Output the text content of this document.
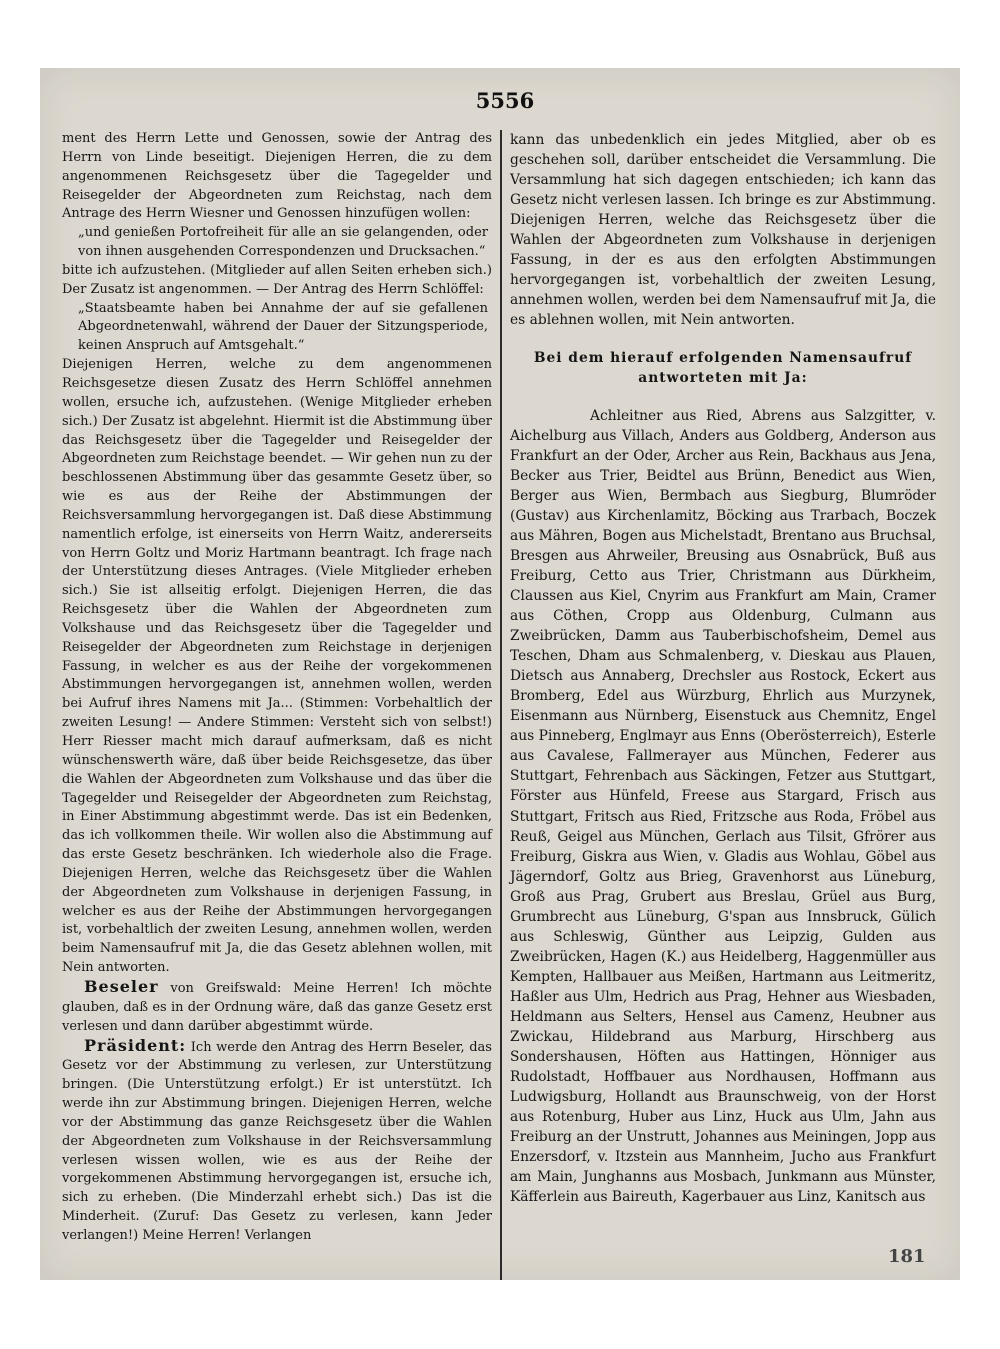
5556

ment des Herrn Lette und Genossen, sowie der Antrag des Herrn von Linde beseitigt. Diejenigen Herren, die zu dem angenommenen Reichsgesetz über die Tagegelder und Reisegelder der Abgeordneten zum Reichstag, nach dem Antrage des Herrn Wiesner und Genossen hinzufügen wollen:

„und genießen Portofreiheit für alle an sie gelangenden, oder von ihnen ausgehenden Correspondenzen und Drucksachen.“

bitte ich aufzustehen. (Mitglieder auf allen Seiten erheben sich.) Der Zusatz ist angenommen. — Der Antrag des Herrn Schlöffel:

„Staatsbeamte haben bei Annahme der auf sie gefallenen Abgeordnetenwahl, während der Dauer der Sitzungsperiode, keinen Anspruch auf Amtsgehalt.“

Diejenigen Herren, welche zu dem angenommenen Reichsgesetze diesen Zusatz des Herrn Schlöffel annehmen wollen, ersuche ich, aufzustehen. (Wenige Mitglieder erheben sich.) Der Zusatz ist abgelehnt. Hiermit ist die Abstimmung über das Reichsgesetz über die Tagegelder und Reisegelder der Abgeordneten zum Reichstage beendet. — Wir gehen nun zu der beschlossenen Abstimmung über das gesammte Gesetz über, so wie es aus der Reihe der Abstimmungen der Reichsversammlung hervorgegangen ist. Daß diese Abstimmung namentlich erfolge, ist einerseits von Herrn Waitz, andererseits von Herrn Goltz und Moriz Hartmann beantragt. Ich frage nach der Unterstützung dieses Antrages. (Viele Mitglieder erheben sich.) Sie ist allseitig erfolgt. Diejenigen Herren, die das Reichsgesetz über die Wahlen der Abgeordneten zum Volkshause und das Reichsgesetz über die Tagegelder und Reisegelder der Abgeordneten zum Reichstage in derjenigen Fassung, in welcher es aus der Reihe der vorgekommenen Abstimmungen hervorgegangen ist, annehmen wollen, werden bei Aufruf ihres Namens mit Ja... (Stimmen: Vorbehaltlich der zweiten Lesung! — Andere Stimmen: Versteht sich von selbst!) Herr Riesser macht mich darauf aufmerksam, daß es nicht wünschenswerth wäre, daß über beide Reichsgesetze, das über die Wahlen der Abgeordneten zum Volkshause und das über die Tagegelder und Reisegelder der Abgeordneten zum Reichstag, in Einer Abstimmung abgestimmt werde. Das ist ein Bedenken, das ich vollkommen theile. Wir wollen also die Abstimmung auf das erste Gesetz beschränken. Ich wiederhole also die Frage. Diejenigen Herren, welche das Reichsgesetz über die Wahlen der Abgeordneten zum Volkshause in derjenigen Fassung, in welcher es aus der Reihe der Abstimmungen hervorgegangen ist, vorbehaltlich der zweiten Lesung, annehmen wollen, werden beim Namensaufruf mit Ja, die das Gesetz ablehnen wollen, mit Nein antworten.

Beseler von Greifswald: Meine Herren! Ich möchte glauben, daß es in der Ordnung wäre, daß das ganze Gesetz erst verlesen und dann darüber abgestimmt würde.

Präsident: Ich werde den Antrag des Herrn Beseler, das Gesetz vor der Abstimmung zu verlesen, zur Unterstützung bringen. (Die Unterstützung erfolgt.) Er ist unterstützt. Ich werde ihn zur Abstimmung bringen. Diejenigen Herren, welche vor der Abstimmung das ganze Reichsgesetz über die Wahlen der Abgeordneten zum Volkshause in der Reichsversammlung verlesen wissen wollen, wie es aus der Reihe der vorgekommenen Abstimmung hervorgegangen ist, ersuche ich, sich zu erheben. (Die Minderzahl erhebt sich.) Das ist die Minderheit. (Zuruf: Das Gesetz zu verlesen, kann Jeder verlangen!) Meine Herren! Verlangen

kann das unbedenklich ein jedes Mitglied, aber ob es geschehen soll, darüber entscheidet die Versammlung. Die Versammlung hat sich dagegen entschieden; ich kann das Gesetz nicht verlesen lassen. Ich bringe es zur Abstimmung. Diejenigen Herren, welche das Reichsgesetz über die Wahlen der Abgeordneten zum Volkshause in derjenigen Fassung, in der es aus den erfolgten Abstimmungen hervorgegangen ist, vorbehaltlich der zweiten Lesung, annehmen wollen, werden bei dem Namensaufruf mit Ja, die es ablehnen wollen, mit Nein antworten.

Bei dem hierauf erfolgenden Namensaufruf antworteten mit Ja:

Achleitner aus Ried, Abrens aus Salzgitter, v. Aichelburg aus Villach, Anders aus Goldberg, Anderson aus Frankfurt an der Oder, Archer aus Rein, Backhaus aus Jena, Becker aus Trier, Beidtel aus Brünn, Benedict aus Wien, Berger aus Wien, Bermbach aus Siegburg, Blumröder (Gustav) aus Kirchenlamitz, Böcking aus Trarbach, Boczek aus Mähren, Bogen aus Michelstadt, Brentano aus Bruchsal, Bresgen aus Ahrweiler, Breusing aus Osnabrück, Buß aus Freiburg, Cetto aus Trier, Christmann aus Dürkheim, Claussen aus Kiel, Cnyrim aus Frankfurt am Main, Cramer aus Cöthen, Cropp aus Oldenburg, Culmann aus Zweibrücken, Damm aus Tauberbischofsheim, Demel aus Teschen, Dham aus Schmalenberg, v. Dieskau aus Plauen, Dietsch aus Annaberg, Drechsler aus Rostock, Eckert aus Bromberg, Edel aus Würzburg, Ehrlich aus Murzynek, Eisenmann aus Nürnberg, Eisenstuck aus Chemnitz, Engel aus Pinneberg, Englmayr aus Enns (Oberösterreich), Esterle aus Cavalese, Fallmerayer aus München, Federer aus Stuttgart, Fehrenbach aus Säckingen, Fetzer aus Stuttgart, Förster aus Hünfeld, Freese aus Stargard, Frisch aus Stuttgart, Fritsch aus Ried, Fritzsche aus Roda, Fröbel aus Reuß, Geigel aus München, Gerlach aus Tilsit, Gfrörer aus Freiburg, Giskra aus Wien, v. Gladis aus Wohlau, Göbel aus Jägerndorf, Goltz aus Brieg, Gravenhorst aus Lüneburg, Groß aus Prag, Grubert aus Breslau, Grüel aus Burg, Grumbrecht aus Lüneburg, G'span aus Innsbruck, Gülich aus Schleswig, Günther aus Leipzig, Gulden aus Zweibrücken, Hagen (K.) aus Heidelberg, Haggenmüller aus Kempten, Hallbauer aus Meißen, Hartmann aus Leitmeritz, Haßler aus Ulm, Hedrich aus Prag, Hehner aus Wiesbaden, Heldmann aus Selters, Hensel aus Camenz, Heubner aus Zwickau, Hildebrand aus Marburg, Hirschberg aus Sondershausen, Höften aus Hattingen, Hönniger aus Rudolstadt, Hoffbauer aus Nordhausen, Hoffmann aus Ludwigsburg, Hollandt aus Braunschweig, von der Horst aus Rotenburg, Huber aus Linz, Huck aus Ulm, Jahn aus Freiburg an der Unstrutt, Johannes aus Meiningen, Jopp aus Enzersdorf, v. Itzstein aus Mannheim, Jucho aus Frankfurt am Main, Junghanns aus Mosbach, Junkmann aus Münster, Käfferlein aus Baireuth, Kagerbauer aus Linz, Kanitsch aus

181
